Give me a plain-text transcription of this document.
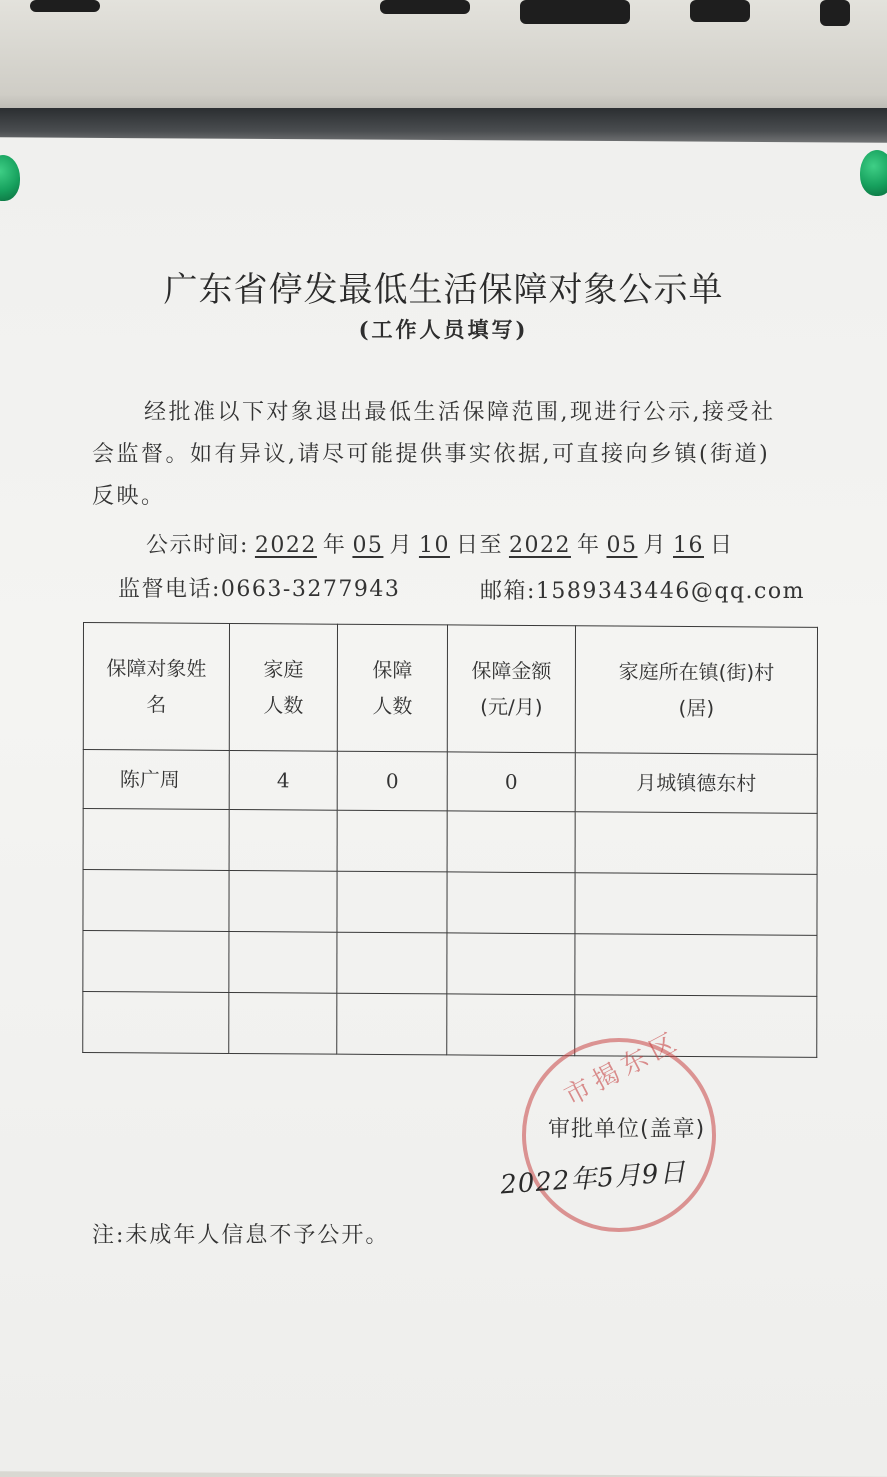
广东省停发最低生活保障对象公示单
(工作人员填写)
经批准以下对象退出最低生活保障范围,现进行公示,接受社会监督。如有异议,请尽可能提供事实依据,可直接向乡镇(街道)反映。
公示时间: 2022 年 05 月 10 日至 2022 年 05 月 16 日
监督电话:0663-3277943	邮箱:1589343446@qq.com
保障对象姓名	家庭人数	保障人数	保障金额(元/月)	家庭所在镇(街)村(居)
陈广周	4	0	0	月城镇德东村

市揭东区
审批单位(盖章)
2022年5月9日
注:未成年人信息不予公开。
